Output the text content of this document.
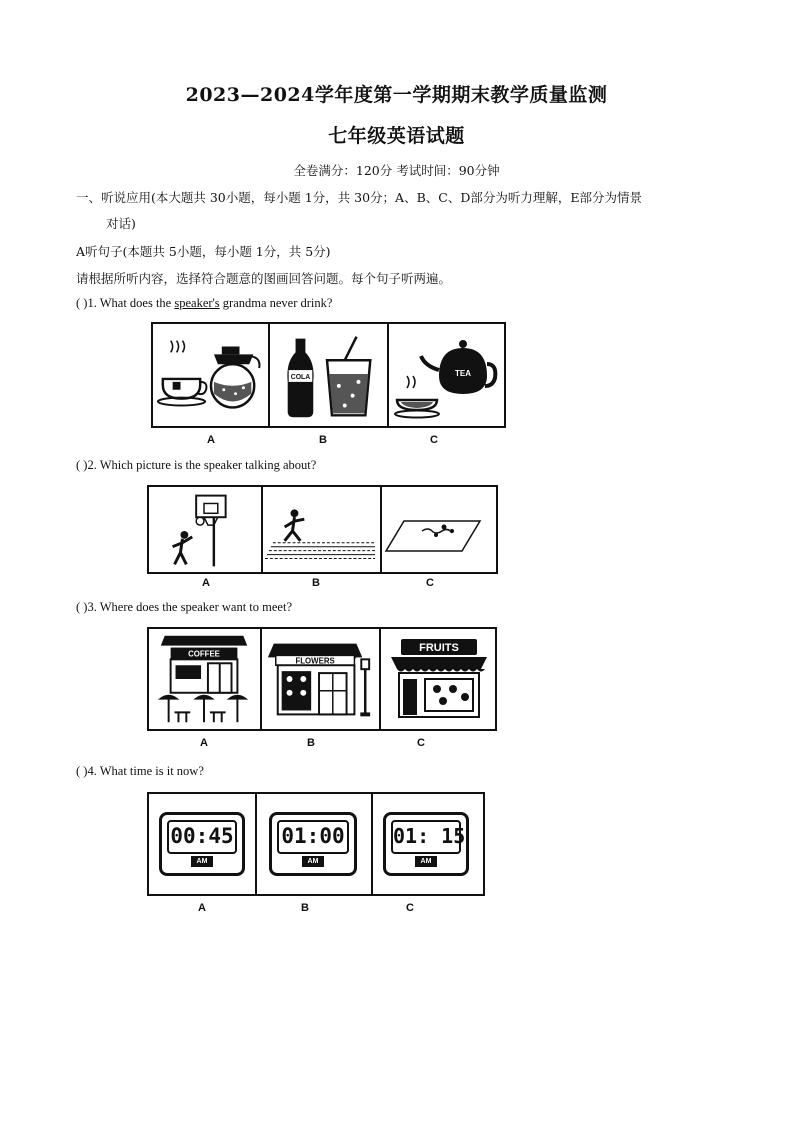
2023—2024学年度第一学期期末教学质量监测
七年级英语试题
全卷满分：120分 考试时间：90分钟
一、听说应用(本大题共 30小题，每小题 1分，共 30分；A、B、C、D部分为听力理解，E部分为情景
对话)
A听句子(本题共 5小题，每小题 1分，共 5分)
请根据所听内容，选择符合题意的图画回答问题。每个句子听两遍。
( )1. What does the speaker's grandma never drink?
COLA	TEA
A	B	C
( )2. Which picture is the speaker talking about?
A	B	C
( )3. Where does the speaker want to meet?
COFFEE
FLOWERS
FRUITS
A	B	C
( )4. What time is it now?
00:45
AM
01:00
AM
01: 15
AM
A	B	C
